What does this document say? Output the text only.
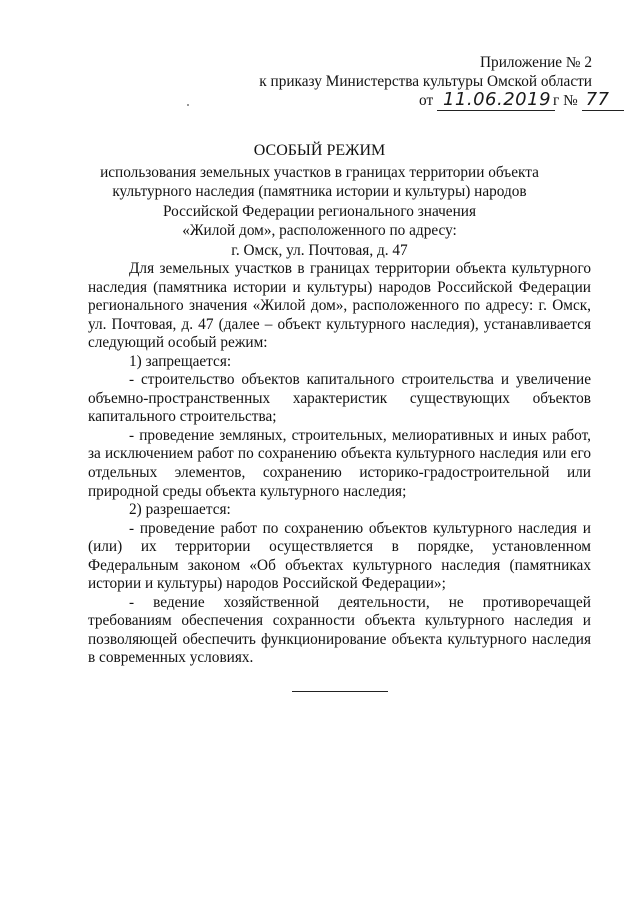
Приложение № 2
к приказу Министерства культуры Омской области
от 11.06.2019 г № 77
ОСОБЫЙ РЕЖИМ
использования земельных участков в границах территории объекта
культурного наследия (памятника истории и культуры) народов
Российской Федерации регионального значения
«Жилой дом», расположенного по адресу:
г. Омск, ул. Почтовая, д. 47

Для земельных участков в границах территории объекта культурного наследия (памятника истории и культуры) народов Российской Федерации регионального значения «Жилой дом», расположенного по адресу: г. Омск, ул. Почтовая, д. 47 (далее – объект культурного наследия), устанавливается следующий особый режим:

1) запрещается:

- строительство объектов капитального строительства и увеличение объемно-пространственных характеристик существующих объектов капитального строительства;

- проведение земляных, строительных, мелиоративных и иных работ, за исключением работ по сохранению объекта культурного наследия или его отдельных элементов, сохранению историко-градостроительной или природной среды объекта культурного наследия;

2) разрешается:

- проведение работ по сохранению объектов культурного наследия и (или) их территории осуществляется в порядке, установленном Федеральным законом «Об объектах культурного наследия (памятниках истории и культуры) народов Российской Федерации»;

- ведение хозяйственной деятельности, не противоречащей требованиям обеспечения сохранности объекта культурного наследия и позволяющей обеспечить функционирование объекта культурного наследия в современных условиях.
